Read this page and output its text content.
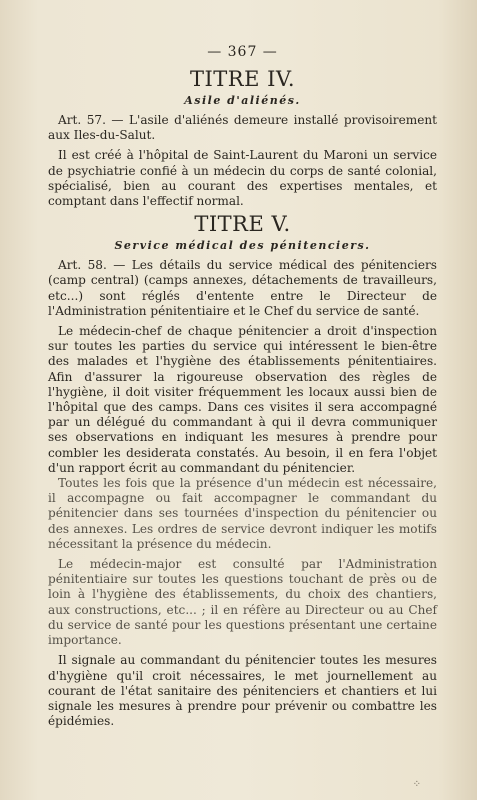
— 367 —
TITRE IV.
Asile d'aliénés.

Art. 57. — L'asile d'aliénés demeure installé provisoirement aux Iles-du-Salut.

Il est créé à l'hôpital de Saint-Laurent du Maroni un service de psychiatrie confié à un médecin du corps de santé colonial, spécialisé, bien au courant des expertises mentales, et comptant dans l'effectif normal.

TITRE V.
Service médical des pénitenciers.

Art. 58. — Les détails du service médical des pénitenciers (camp central) (camps annexes, détachements de travailleurs, etc...) sont réglés d'entente entre le Directeur de l'Administration pénitentiaire et le Chef du service de santé.

Le médecin-chef de chaque pénitencier a droit d'inspection sur toutes les parties du service qui intéressent le bien-être des malades et l'hygiène des établissements pénitentiaires. Afin d'assurer la rigoureuse observation des règles de l'hygiène, il doit visiter fréquemment les locaux aussi bien de l'hôpital que des camps. Dans ces visites il sera accompagné par un délégué du commandant à qui il devra communiquer ses observations en indiquant les mesures à prendre pour combler les desiderata constatés. Au besoin, il en fera l'objet d'un rapport écrit au commandant du pénitencier.

Toutes les fois que la présence d'un médecin est nécessaire, il accompagne ou fait accompagner le commandant du pénitencier dans ses tournées d'inspection du pénitencier ou des annexes. Les ordres de service devront indiquer les motifs nécessitant la présence du médecin.

Le médecin-major est consulté par l'Administration pénitentiaire sur toutes les questions touchant de près ou de loin à l'hygiène des établissements, du choix des chantiers, aux constructions, etc... ; il en réfère au Directeur ou au Chef du service de santé pour les questions présentant une certaine importance.

Il signale au commandant du pénitencier toutes les mesures d'hygiène qu'il croit nécessaires, le met journellement au courant de l'état sanitaire des pénitenciers et chantiers et lui signale les mesures à prendre pour prévenir ou combattre les épidémies.

⁘
